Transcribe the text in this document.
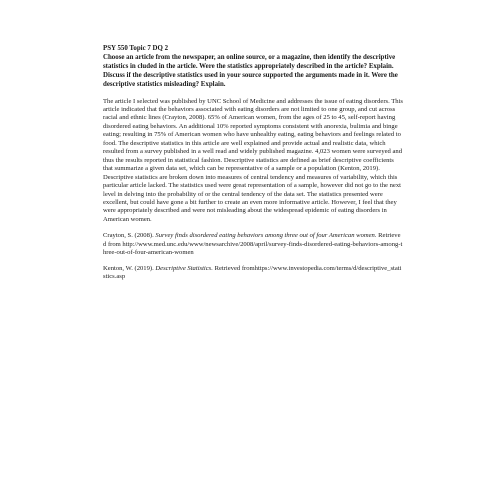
PSY 550 Topic 7 DQ 2

Choose an article from the newspaper, an online source, or a magazine, then identify the descriptive statistics in cluded in the article. Were the statistics appropriately described in the article? Explain. Discuss if the descriptive statistics used in your source supported the arguments made in it. Were the descriptive statistics misleading? Explain.

The article I selected was published by UNC School of Medicine and addresses the issue of eating disorders. This article indicated that the behaviors associated with eating disorders are not limited to one group, and cut across racial and ethnic lines (Crayton, 2008). 65% of American women, from the ages of 25 to 45, self-report having disordered eating behaviors. An additional 10% reported symptoms consistent with anorexia, bulimia and binge eating; resulting in 75% of American women who have unhealthy eating, eating behaviors and feelings related to food. The descriptive statistics in this article are well explained and provide actual and realistic data, which resulted from a survey published in a well read and widely published magazine. 4,023 women were surveyed and thus the results reported in statistical fashion. Descriptive statistics are defined as brief descriptive coefficients that summarize a given data set, which can be representative of a sample or a population (Kenton, 2019). Descriptive statistics are broken down into measures of central tendency and measures of variability, which this particular article lacked. The statistics used were great representation of a sample, however did not go to the next level in delving into the probability of or the central tendency of the data set. The statistics presented were excellent, but could have gone a bit further to create an even more informative article. However, I feel that they were appropriately described and were not misleading about the widespread epidemic of eating disorders in American women.

Crayton, S. (2008). Survey finds disordered eating behaviors among three out of four American women. Retrieved from http://www.med.unc.edu/www/newsarchive/2008/april/survey-finds-disordered-eating-behaviors-among-three-out-of-four-american-women

Kenton, W. (2019). Descriptive Statistics. Retrieved fromhttps://www.investopedia.com/terms/d/descriptive_statistics.asp
